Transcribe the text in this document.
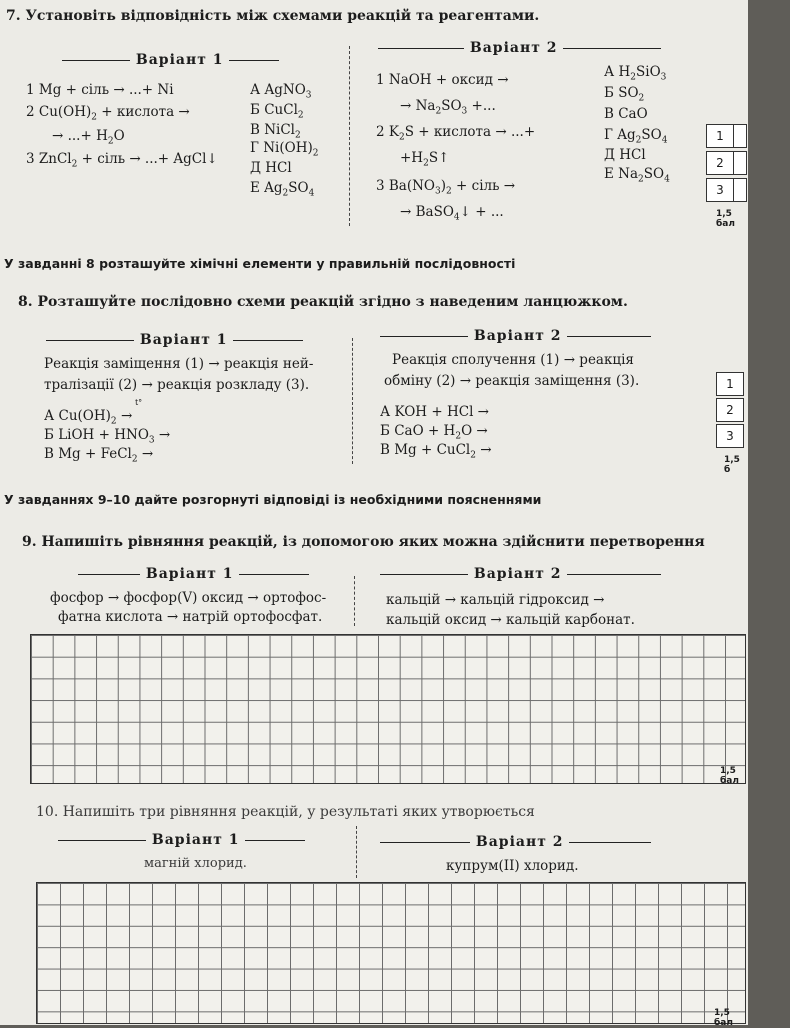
7. Установіть відповідність між схемами реакцій та реагентами.
Варіант 1
Варіант 2
1 Mg + сіль → ...+ Ni
2 $Cu(OH)_2$ + кислота →
→ ...+ $H_2O$
3 ZnCl$_2$ + сіль → ...+ AgCl↓
А AgNO$_3$
Б CuCl$_2$
В NiCl$_2$
Г $Ni(OH)_2$
Д HCl
Е $Ag_2SO_4$
1 NaOH + оксид →
→ $Na_2SO_3$ +...
2 $K_2S$ + кислота → ...+
$+H_2S↑$
3 $Ba(NO_3)_2$ + сіль →
→ BaSO$_4$↓ + ...
А $H_2SiO_3$
Б $SO_2$
В CaO
Г $Ag_2SO_4$
Д HCl
Е $Na_2SO_4$
1
2
3
1,5 бал
У завданні 8 розташуйте хімічні елементи у правильній послідовності
8. Розташуйте послідовно схеми реакцій згідно з наведеним ланцюжком.
Варіант 1	Варіант 2
Реакція заміщення (1) → реакція ней-
тралізації (2) → реакція розкладу (3).
А $Cu(OH)_2$
t°
→
Б LiOH + $HNO_3$ →
В Mg + FeCl$_2$ →
Реакція сполучення (1) → реакція
обміну (2) → реакція заміщення (3).
А KOH + HCl →
Б CaO + $H_2O$ →
В Mg + CuCl$_2$ →
1
2
3
1,5 б
У завданнях 9–10 дайте розгорнуті відповіді із необхідними поясненнями
9. Напишіть рівняння реакцій, із допомогою яких можна здійснити перетворення
Варіант 1	Варіант 2
фосфор → фосфор(V) оксид → ортофос-
фатна кислота → натрій ортофосфат.
кальцій → кальцій гідроксид →
кальцій оксид → кальцій карбонат.
1,5 бал
10. Напишіть три рівняння реакцій, у результаті яких утворюється
Варіант 1	Варіант 2
магній хлорид.	купрум(II) хлорид.
1,5 бал
